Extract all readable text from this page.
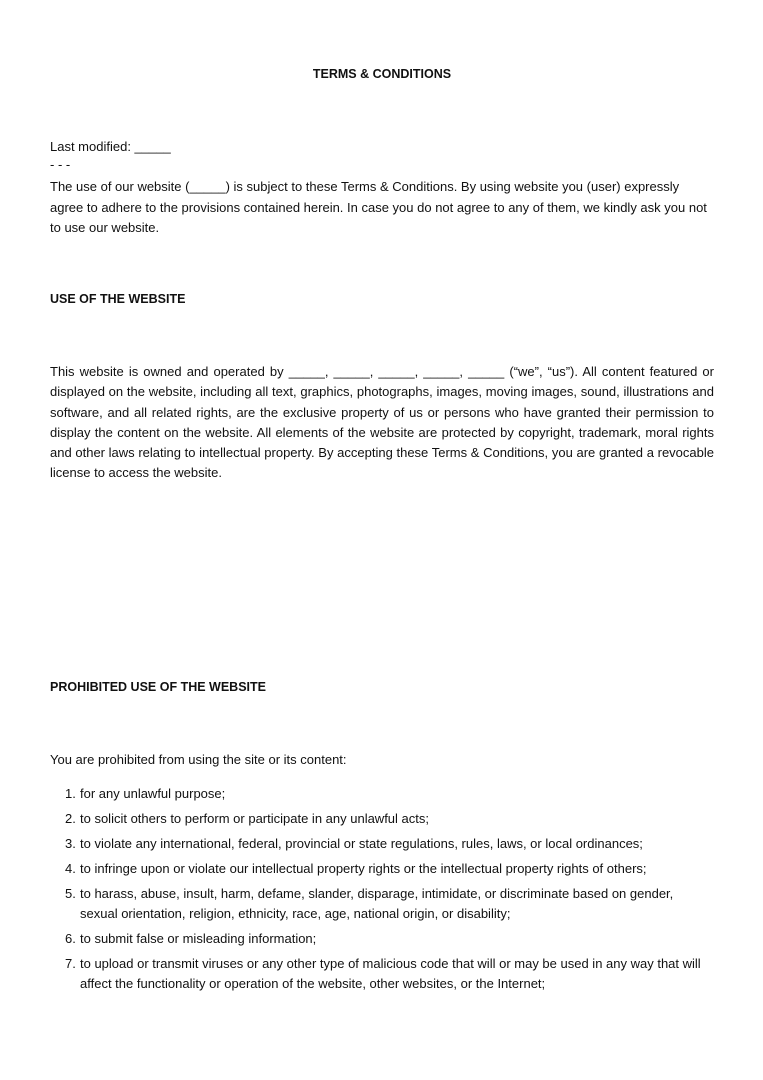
TERMS & CONDITIONS

Last modified: _____

- - -

The use of our website (_____) is subject to these Terms & Conditions. By using website you (user) expressly agree to adhere to the provisions contained herein. In case you do not agree to any of them, we kindly ask you not to use our website.

USE OF THE WEBSITE

This website is owned and operated by _____, _____, _____, _____, _____ (“we”, “us”). All content featured or displayed on the website, including all text, graphics, photographs, images, moving images, sound, illustrations and software, and all related rights, are the exclusive property of us or persons who have granted their permission to display the content on the website. All elements of the website are protected by copyright, trademark, moral rights and other laws relating to intellectual property. By accepting these Terms & Conditions, you are granted a revocable license to access the website.

PROHIBITED USE OF THE WEBSITE

You are prohibited from using the site or its content:

1. for any unlawful purpose;
2. to solicit others to perform or participate in any unlawful acts;
3. to violate any international, federal, provincial or state regulations, rules, laws, or local ordinances;
4. to infringe upon or violate our intellectual property rights or the intellectual property rights of others;
5. to harass, abuse, insult, harm, defame, slander, disparage, intimidate, or discriminate based on gender, sexual orientation, religion, ethnicity, race, age, national origin, or disability;
6. to submit false or misleading information;
7. to upload or transmit viruses or any other type of malicious code that will or may be used in any way that will affect the functionality or operation of the website, other websites, or the Internet;
